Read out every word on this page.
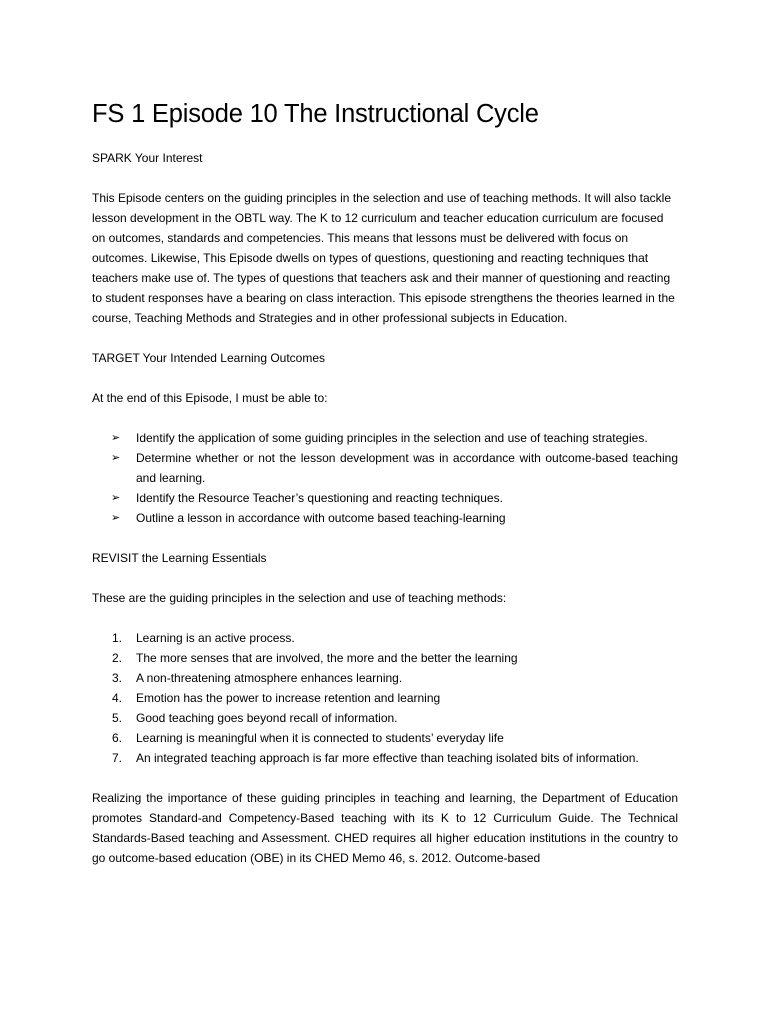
FS 1 Episode 10 The Instructional Cycle
SPARK Your Interest

This Episode centers on the guiding principles in the selection and use of teaching methods. It will also tackle lesson development in the OBTL way. The K to 12 curriculum and teacher education curriculum are focused on outcomes, standards and competencies. This means that lessons must be delivered with focus on outcomes. Likewise, This Episode dwells on types of questions, questioning and reacting techniques that teachers make use of. The types of questions that teachers ask and their manner of questioning and reacting to student responses have a bearing on class interaction. This episode strengthens the theories learned in the course, Teaching Methods and Strategies and in other professional subjects in Education.

TARGET Your Intended Learning Outcomes

At the end of this Episode, I must be able to:

➢ Identify the application of some guiding principles in the selection and use of teaching strategies.
➢ Determine whether or not the lesson development was in accordance with outcome-based teaching and learning.
➢ Identify the Resource Teacher’s questioning and reacting techniques.
➢ Outline a lesson in accordance with outcome based teaching-learning
REVISIT the Learning Essentials

These are the guiding principles in the selection and use of teaching methods:

1. Learning is an active process.
2. The more senses that are involved, the more and the better the learning
3. A non-threatening atmosphere enhances learning.
4. Emotion has the power to increase retention and learning
5. Good teaching goes beyond recall of information.
6. Learning is meaningful when it is connected to students’ everyday life
7. An integrated teaching approach is far more effective than teaching isolated bits of information.

Realizing the importance of these guiding principles in teaching and learning, the Department of Education promotes Standard-and Competency-Based teaching with its K to 12 Curriculum Guide. The Technical Standards-Based teaching and Assessment. CHED requires all higher education institutions in the country to go outcome-based education (OBE) in its CHED Memo 46, s. 2012. Outcome-based
